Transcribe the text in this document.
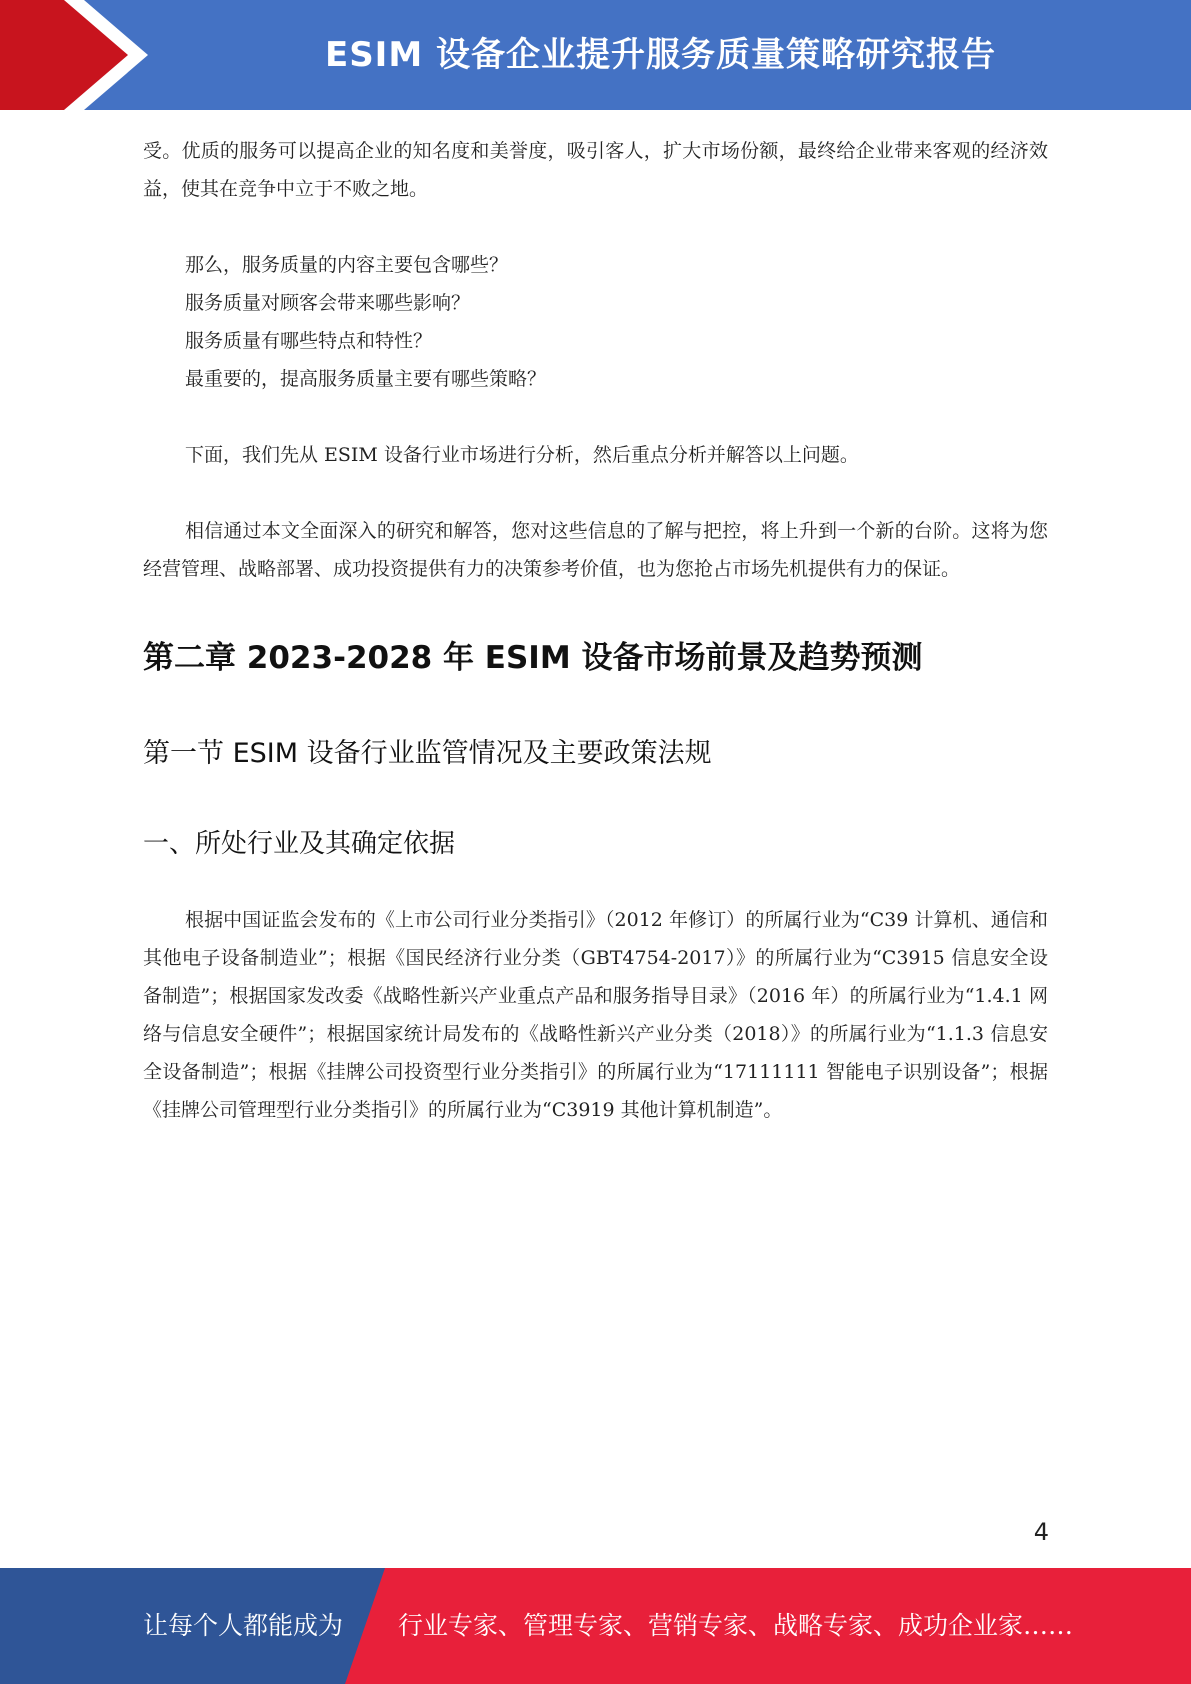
ESIM 设备企业提升服务质量策略研究报告

受。优质的服务可以提高企业的知名度和美誉度，吸引客人，扩大市场份额，最终给企业带来客观的经济效益，使其在竞争中立于不败之地。

那么，服务质量的内容主要包含哪些？

服务质量对顾客会带来哪些影响？

服务质量有哪些特点和特性？

最重要的，提高服务质量主要有哪些策略？

下面，我们先从 ESIM 设备行业市场进行分析，然后重点分析并解答以上问题。

相信通过本文全面深入的研究和解答，您对这些信息的了解与把控，将上升到一个新的台阶。这将为您经营管理、战略部署、成功投资提供有力的决策参考价值，也为您抢占市场先机提供有力的保证。

第二章 2023-2028 年 ESIM 设备市场前景及趋势预测
第一节 ESIM 设备行业监管情况及主要政策法规
一、所处行业及其确定依据

根据中国证监会发布的《上市公司行业分类指引》（2012 年修订）的所属行业为“C39 计算机、通信和其他电子设备制造业”；根据《国民经济行业分类（GBT4754-2017）》的所属行业为“C3915 信息安全设备制造”；根据国家发改委《战略性新兴产业重点产品和服务指导目录》（2016 年）的所属行业为“1.4.1 网络与信息安全硬件”；根据国家统计局发布的《战略性新兴产业分类（2018）》的所属行业为“1.1.3 信息安全设备制造”；根据《挂牌公司投资型行业分类指引》的所属行业为“17111111 智能电子识别设备”；根据《挂牌公司管理型行业分类指引》的所属行业为“C3919 其他计算机制造”。

4
让每个人都能成为 行业专家、管理专家、营销专家、战略专家、成功企业家……
